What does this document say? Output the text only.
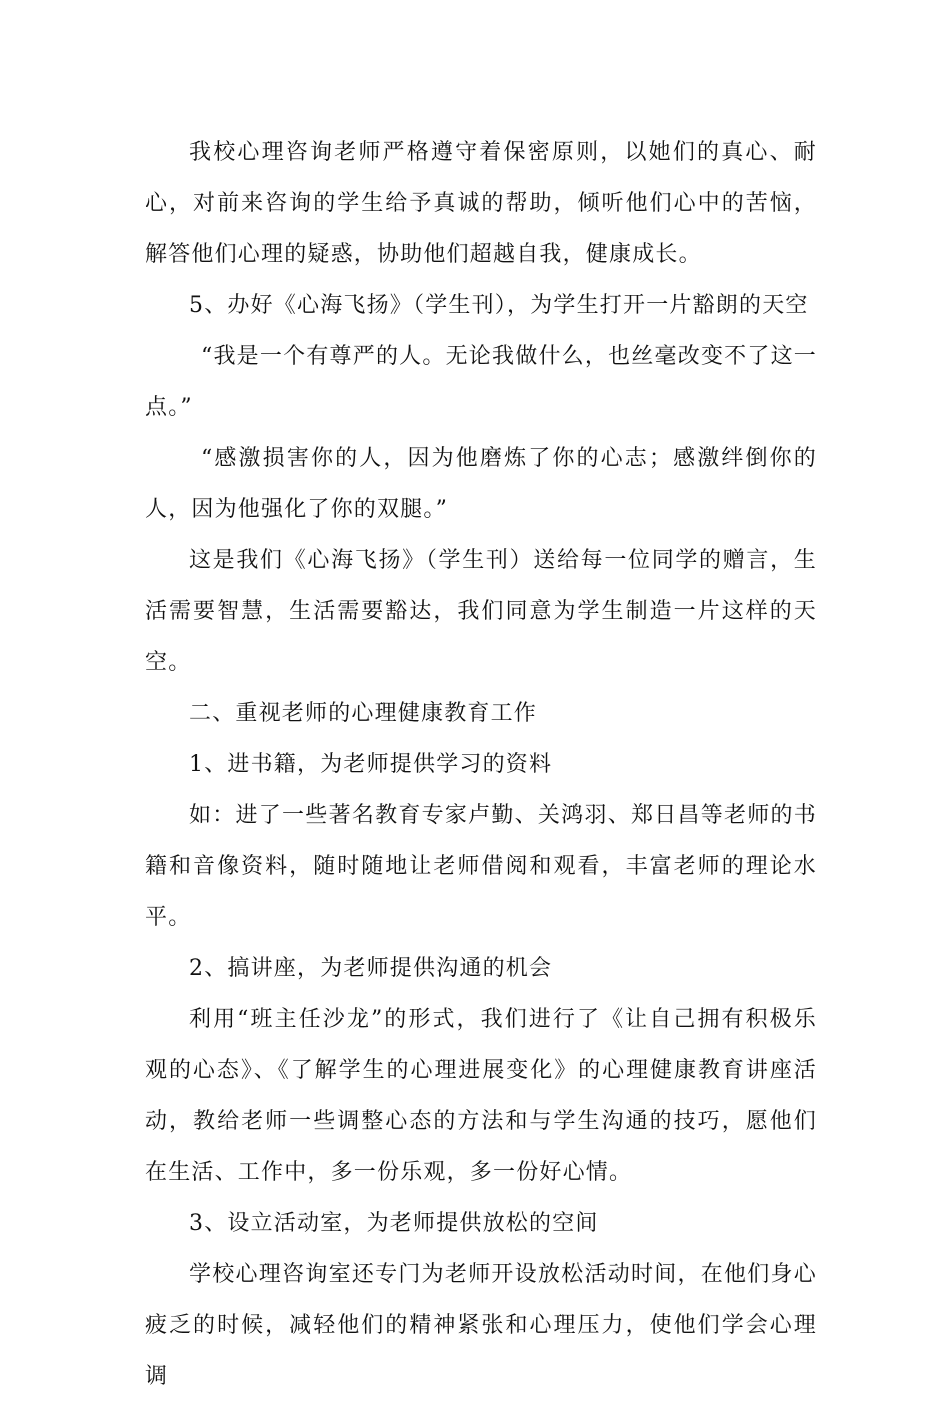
我校心理咨询老师严格遵守着保密原则，以她们的真心、耐心，对前来咨询的学生给予真诚的帮助，倾听他们心中的苦恼，解答他们心理的疑惑，协助他们超越自我，健康成长。

5、办好《心海飞扬》（学生刊），为学生打开一片豁朗的天空

“我是一个有尊严的人。无论我做什么，也丝毫改变不了这一点。”

“感激损害你的人，因为他磨炼了你的心志；感激绊倒你的人，因为他强化了你的双腿。”

这是我们《心海飞扬》（学生刊）送给每一位同学的赠言，生活需要智慧，生活需要豁达，我们同意为学生制造一片这样的天空。

二、重视老师的心理健康教育工作

1、进书籍，为老师提供学习的资料

如：进了一些著名教育专家卢勤、关鸿羽、郑日昌等老师的书籍和音像资料，随时随地让老师借阅和观看，丰富老师的理论水平。

2、搞讲座，为老师提供沟通的机会

利用“班主任沙龙”的形式，我们进行了《让自己拥有积极乐观的心态》、《了解学生的心理进展变化》的心理健康教育讲座活动，教给老师一些调整心态的方法和与学生沟通的技巧，愿他们在生活、工作中，多一份乐观，多一份好心情。

3、设立活动室，为老师提供放松的空间

学校心理咨询室还专门为老师开设放松活动时间，在他们身心疲乏的时候，减轻他们的精神紧张和心理压力，使他们学会心理调
